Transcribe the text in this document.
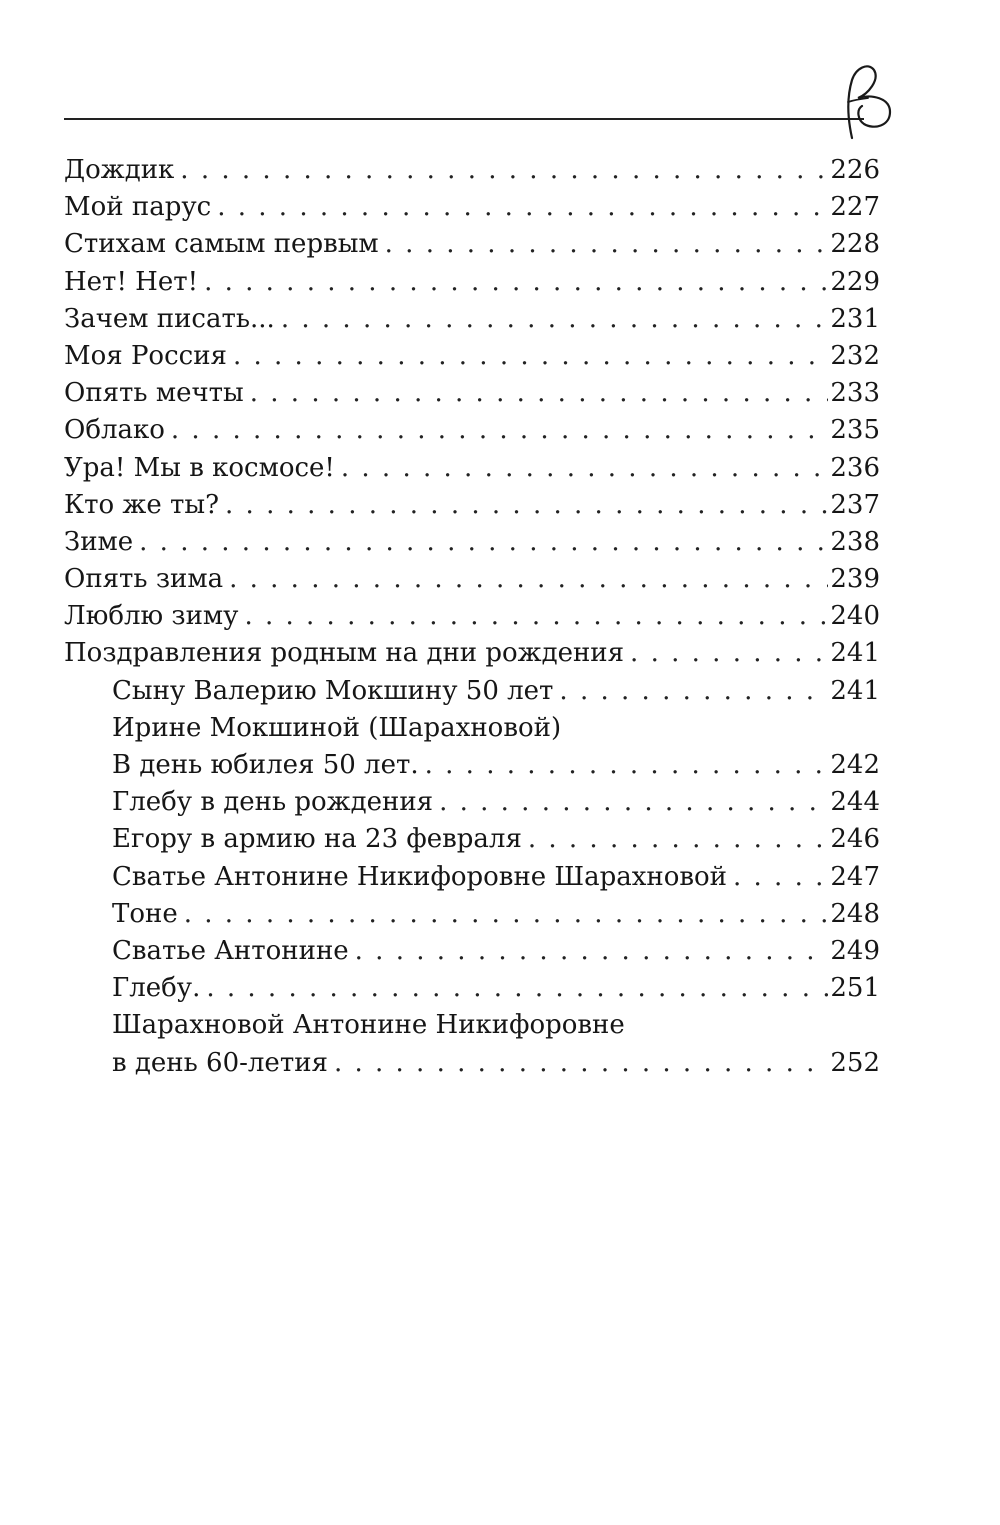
Дождик . . .	226
Мой парус . . .	227
Стихам самым первым . . .	228
Нет! Нет! . . .	229
Зачем писать... . . .	231
Моя Россия . . .	232
Опять мечты . . .	233
Облако . . .	235
Ура! Мы в космосе! . . .	236
Кто же ты? . . .	237
Зиме . . .	238
Опять зима . . .	239
Люблю зиму . . .	240
Поздравления родным на дни рождения . . .	241
Сыну Валерию Мокшину 50 лет . . .	241
Ирине Мокшиной (Шарахновой)
В день юбилея 50 лет. . . .	242
Глебу в день рождения . . .	244
Егору в армию на 23 февраля . . .	246
Сватье Антонине Никифоровне Шарахновой . . .	247
Тоне . . .	248
Сватье Антонине . . .	249
Глебу. . . .	251
Шарахновой Антонине Никифоровне
в день 60-летия . . .	252
